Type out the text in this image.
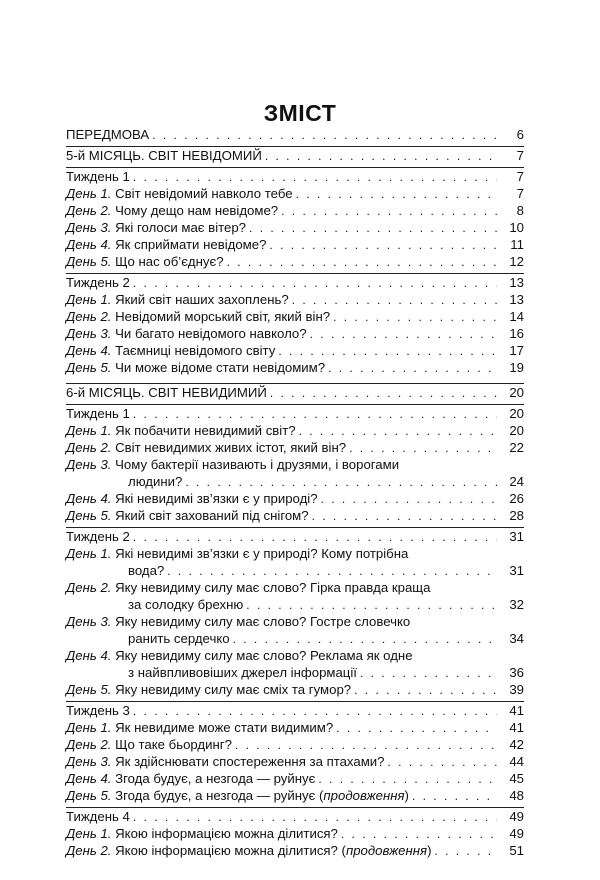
ЗМІСТ
ПЕРЕДМОВА . . .	6
5-й МІСЯЦЬ. СВІТ НЕВІДОМИЙ . . .	7
Тиждень 1 . . .	7
День 1. Світ невідомий навколо тебе . . .	7
День 2. Чому дещо нам невідоме? . . .	8
День 3. Які голоси має вітер? . . .	10
День 4. Як сприймати невідоме? . . .	11
День 5. Що нас об’єднує? . . .	12
Тиждень 2 . . .	13
День 1. Який світ наших захоплень? . . .	13
День 2. Невідомий морський світ, який він? . . .	14
День 3. Чи багато невідомого навколо? . . .	16
День 4. Таємниці невідомого світу . . .	17
День 5. Чи може відоме стати невідомим? . . .	19
6-й МІСЯЦЬ. СВІТ НЕВИДИМИЙ . . .	20
Тиждень 1 . . .	20
День 1. Як побачити невидимий світ? . . .	20
День 2. Світ невидимих живих істот, який він? . . .	22
День 3. Чому бактерії називають і друзями, і ворогами
людини? . . .	24
День 4. Які невидимі зв’язки є у природі? . . .	26
День 5. Який світ захований під снігом? . . .	28
Тиждень 2 . . .	31
День 1. Які невидимі зв’язки є у природі? Кому потрібна
вода? . . .	31
День 2. Яку невидиму силу має слово? Гірка правда краща
за солодку брехню . . .	32
День 3. Яку невидиму силу має слово? Гостре словечко
ранить сердечко . . .	34
День 4. Яку невидиму силу має слово? Реклама як одне
з найвпливовіших джерел інформації . . .	36
День 5. Яку невидиму силу має сміх та гумор? . . .	39
Тиждень 3 . . .	41
День 1. Як невидиме може стати видимим? . . .	41
День 2. Що таке бьординг? . . .	42
День 3. Як здійснювати спостереження за птахами? . . .	44
День 4. Згода будує, а незгода — руйнує . . .	45
День 5. Згода будує, а незгода — руйнує (продовження) . . .	48
Тиждень 4 . . .	49
День 1. Якою інформацією можна ділитися? . . .	49
День 2. Якою інформацією можна ділитися? (продовження) . . .	51
